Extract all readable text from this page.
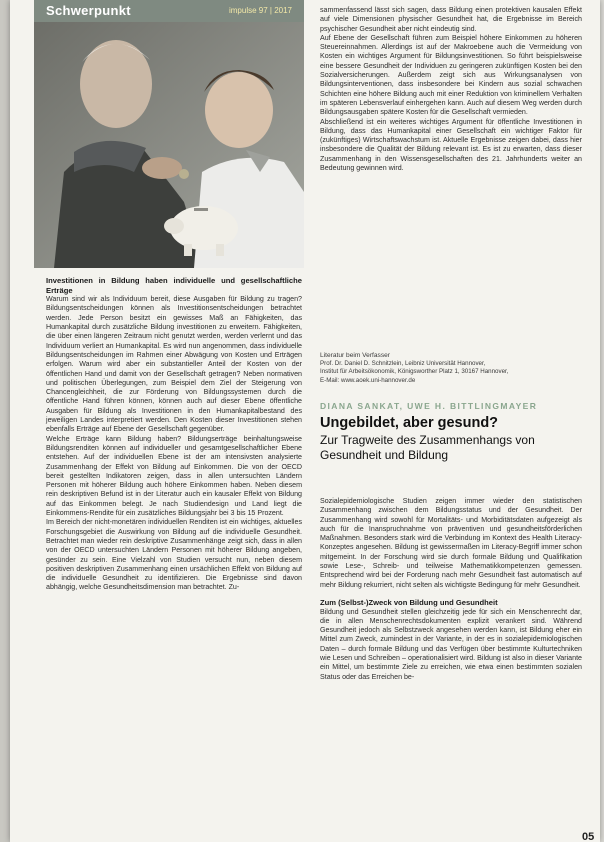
Schwerpunkt	impulse 97 | 2017
Investitionen in Bildung haben individuelle und gesellschaftliche Erträge

Warum sind wir als Individuum bereit, diese Ausgaben für Bildung zu tragen? Bildungsentscheidungen können als Investitionsentscheidungen betrachtet werden. Jede Person besitzt ein gewisses Maß an Fähigkeiten, das Humankapital durch zusätzliche Bildung investitionen zu erweitern. Fähigkeiten, die über einen längeren Zeitraum nicht genutzt werden, werden verlernt und das Individuum verliert an Humankapital. Es wird nun angenommen, dass individuelle Bildungsentscheidungen im Rahmen einer Abwägung von Kosten und Erträgen erfolgen. Warum wird aber ein substantieller Anteil der Kosten von der öffentlichen Hand und damit von der Gesellschaft getragen? Neben normativen und politischen Überlegungen, zum Beispiel dem Ziel der Steigerung von Chancengleichheit, die zur Förderung von Bildungssystemen durch die öffentliche Hand führen können, können auch auf dieser Ebene öffentliche Ausgaben für Bildung als Investitionen in den Humankapitalbestand des jeweiligen Landes interpretiert werden. Den Kosten dieser Investitionen stehen ebenfalls Erträge auf Ebene der Gesellschaft gegenüber.

Welche Erträge kann Bildung haben? Bildungserträge beinhaltungsweise Bildungsrenditen können auf individueller und gesamtgesellschaftlicher Ebene entstehen. Auf der individuellen Ebene ist der am intensivsten analysierte Zusammenhang der Effekt von Bildung auf Einkommen. Die von der OECD bereit gestellten Indikatoren zeigen, dass in allen untersuchten Ländern Personen mit höherer Bildung auch höhere Einkommen haben. Neben diesem rein deskriptiven Befund ist in der Literatur auch ein kausaler Effekt von Bildung auf das Einkommen belegt. Je nach Studiendesign und Land liegt die Einkommens-Rendite für ein zusätzliches Bildungsjahr bei 3 bis 15 Prozent.

Im Bereich der nicht-monetären individuellen Renditen ist ein wichtiges, aktuelles Forschungsgebiet die Auswirkung von Bildung auf die individuelle Gesundheit. Betrachtet man wieder rein deskriptive Zusammenhänge zeigt sich, dass in allen von der OECD untersuchten Ländern Personen mit höherer Bildung angeben, gesünder zu sein. Eine Vielzahl von Studien versucht nun, neben diesem positiven deskriptiven Zusammenhang einen ursächlichen Effekt von Bildung auf die individuelle Gesundheit zu identifizieren. Die Ergebnisse sind davon abhängig, welche Gesundheitsdimension man betrachtet. Zu-

sammenfassend lässt sich sagen, dass Bildung einen protektiven kausalen Effekt auf viele Dimensionen physischer Gesundheit hat, die Ergebnisse im Bereich psychischer Gesundheit aber nicht eindeutig sind.

Auf Ebene der Gesellschaft führen zum Beispiel höhere Einkommen zu höheren Steuereinnahmen. Allerdings ist auf der Makroebene auch die Vermeidung von Kosten ein wichtiges Argument für Bildungsinvestitionen. So führt beispielsweise eine bessere Gesundheit der Individuen zu geringeren zukünftigen Kosten bei den Sozialversicherungen. Außerdem zeigt sich aus Wirkungsanalysen von Bildungsinterventionen, dass insbesondere bei Kindern aus sozial schwachen Schichten eine höhere Bildung auch mit einer Reduktion von kriminellem Verhalten im späteren Lebensverlauf einhergehen kann. Auch auf diesem Weg werden durch Bildungsausgaben spätere Kosten für die Gesellschaft vermieden.

Abschließend ist ein weiteres wichtiges Argument für öffentliche Investitionen in Bildung, dass das Humankapital einer Gesellschaft ein wichtiger Faktor für (zukünftiges) Wirtschaftswachstum ist. Aktuelle Ergebnisse zeigen dabei, dass hier insbesondere die Qualität der Bildung relevant ist. Es ist zu erwarten, dass dieser Zusammenhang in den Wissensgesellschaften des 21. Jahrhunderts weiter an Bedeutung gewinnen wird.

Literatur beim Verfasser
Prof. Dr. Daniel D. Schnitzlein, Leibniz Universität Hannover,
Institut für Arbeitsökonomik, Königsworther Platz 1, 30167 Hannover,
E-Mail: www.aoek.uni-hannover.de
DIANA SANKAT, UWE H. BITTLINGMAYER
Ungebildet, aber gesund?
Zur Tragweite des Zusammenhangs von Gesundheit und Bildung

Sozialepidemiologische Studien zeigen immer wieder den statistischen Zusammenhang zwischen dem Bildungsstatus und der Gesundheit. Der Zusammenhang wird sowohl für Mortalitäts- und Morbiditätsdaten aufgezeigt als auch für die Inanspruchnahme von präventiven und gesundheitsförderlichen Maßnahmen. Besonders stark wird die Verbindung im Kontext des Health Literacy-Konzeptes angesehen. Bildung ist gewissermaßen im Literacy-Begriff immer schon mitgemeint. In der Forschung wird sie durch formale Bildung und Qualifikation sowie Lese-, Schreib- und teilweise Mathematikkompetenzen gemessen. Entsprechend wird bei der Forderung nach mehr Gesundheit fast automatisch auf mehr Bildung rekurriert, nicht selten als wichtigste Bedingung für mehr Gesundheit.

Zum (Selbst-)Zweck von Bildung und Gesundheit

Bildung und Gesundheit stellen gleichzeitig jede für sich ein Menschenrecht dar, die in allen Menschenrechtsdokumenten explizit verankert sind. Während Gesundheit jedoch als Selbstzweck angesehen werden kann, ist Bildung eher ein Mittel zum Zweck, zumindest in der Variante, in der es in sozialepidemiologischen Daten – durch formale Bildung und das Verfügen über bestimmte Kulturtechniken wie Lesen und Schreiben – operationalisiert wird. Bildung ist also in dieser Variante ein Mittel, um bestimmte Ziele zu erreichen, wie etwa einen bestimmten sozialen Status oder das Erreichen be-

05
